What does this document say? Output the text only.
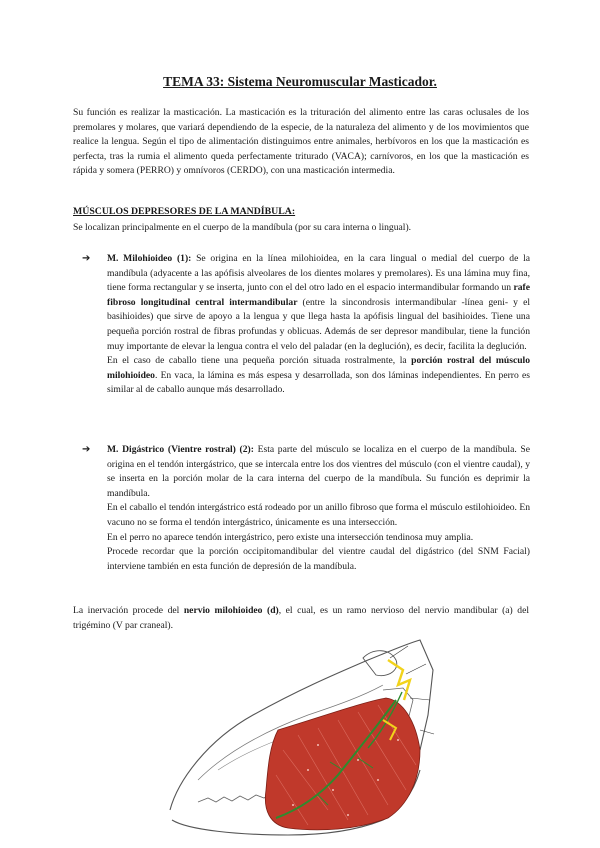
TEMA 33: Sistema Neuromuscular Masticador.

Su función es realizar la masticación. La masticación es la trituración del alimento entre las caras oclusales de los premolares y molares, que variará dependiendo de la especie, de la naturaleza del alimento y de los movimientos que realice la lengua. Según el tipo de alimentación distinguimos entre animales, herbívoros en los que la masticación es perfecta, tras la rumia el alimento queda perfectamente triturado (VACA); carnívoros, en los que la masticación es rápida y somera (PERRO) y omnívoros (CERDO), con una masticación intermedia.

MÚSCULOS DEPRESORES DE LA MANDÍBULA:

Se localizan principalmente en el cuerpo de la mandíbula (por su cara interna o lingual).

➔ M. Milohioideo (1): Se origina en la línea milohioidea, en la cara lingual o medial del cuerpo de la mandíbula (adyacente a las apófisis alveolares de los dientes molares y premolares). Es una lámina muy fina, tiene forma rectangular y se inserta, junto con el del otro lado en el espacio intermandibular formando un rafe fibroso longitudinal central intermandibular (entre la sincondrosis intermandibular -línea geni- y el basihioides) que sirve de apoyo a la lengua y que llega hasta la apófisis lingual del basihioides. Tiene una pequeña porción rostral de fibras profundas y oblicuas. Además de ser depresor mandibular, tiene la función muy importante de elevar la lengua contra el velo del paladar (en la deglución), es decir, facilita la deglución.

En el caso de caballo tiene una pequeña porción situada rostralmente, la porción rostral del músculo milohioideo. En vaca, la lámina es más espesa y desarrollada, son dos láminas independientes. En perro es similar al de caballo aunque más desarrollado.

➔ M. Digástrico (Vientre rostral) (2): Esta parte del músculo se localiza en el cuerpo de la mandíbula. Se origina en el tendón intergástrico, que se intercala entre los dos vientres del músculo (con el vientre caudal), y se inserta en la porción molar de la cara interna del cuerpo de la mandíbula. Su función es deprimir la mandíbula.

En el caballo el tendón intergástrico está rodeado por un anillo fibroso que forma el músculo estilohioideo. En vacuno no se forma el tendón intergástrico, únicamente es una intersección.

En el perro no aparece tendón intergástrico, pero existe una intersección tendinosa muy amplia.

Procede recordar que la porción occipitomandibular del vientre caudal del digástrico (del SNM Facial) interviene también en esta función de depresión de la mandíbula.

La inervación procede del nervio milohioideo (d), el cual, es un ramo nervioso del nervio mandibular (a) del trigémino (V par craneal).
